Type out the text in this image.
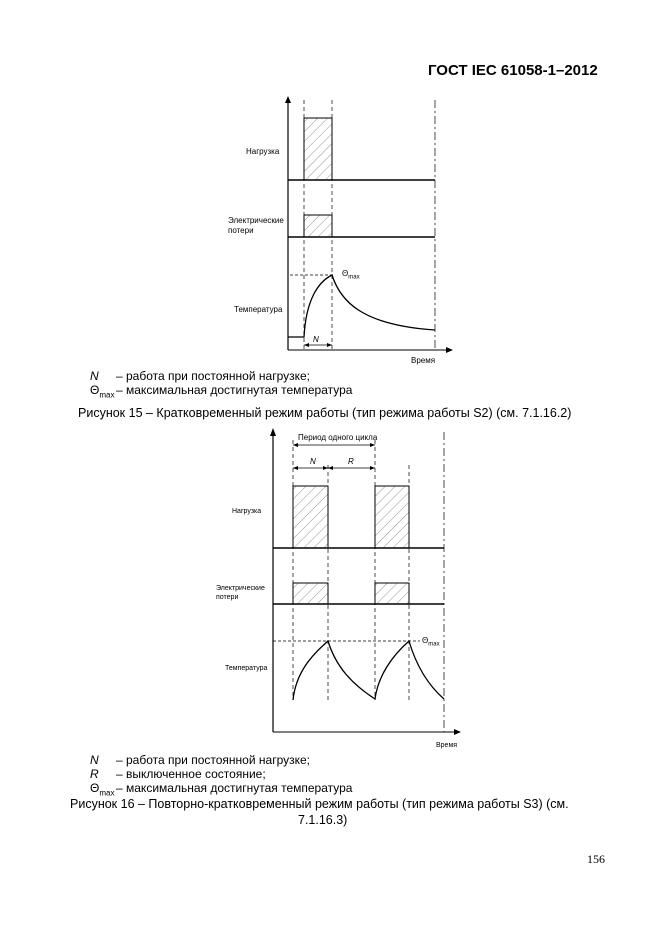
ГОСТ IEC 61058-1–2012
Нагрузка
Электрические
потери
Температура
N
$\Theta_{max}$
Время
N – работа при постоянной нагрузке;
$\Theta_{max}$ – максимальная достигнутая температура
Рисунок 15 – Кратковременный режим работы (тип режима работы S2) (см. 7.1.16.2)
Период одного цикла
N	R
Нагрузка
Электрические
потери
Температура
$\Theta_{max}$
Время
N – работа при постоянной нагрузке;
R – выключенное состояние;
$\Theta_{max}$ – максимальная достигнутая температура
Рисунок 16 – Повторно-кратковременный режим работы (тип режима работы S3) (см.
7.1.16.3)
156
